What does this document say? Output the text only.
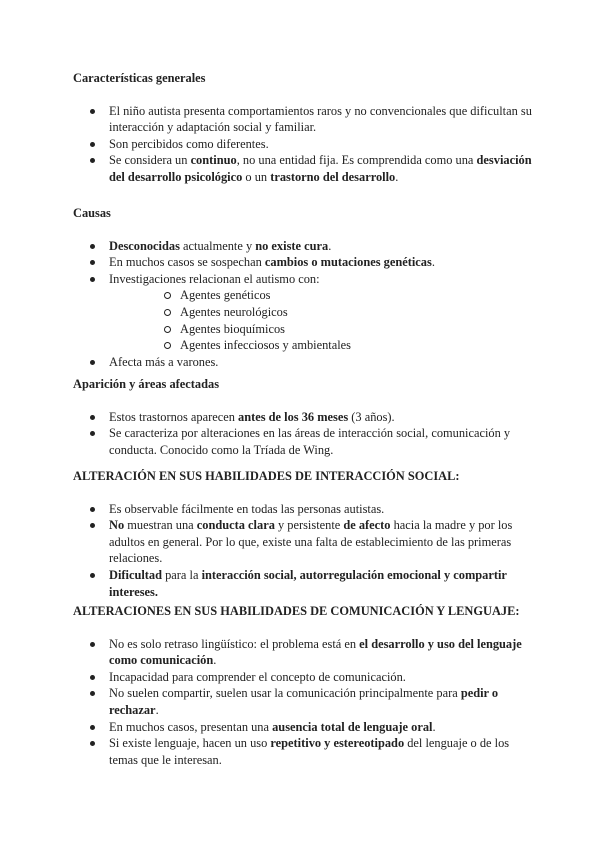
Características generales
El niño autista presenta comportamientos raros y no convencionales que dificultan su interacción y adaptación social y familiar.
Son percibidos como diferentes.
Se considera un continuo, no una entidad fija. Es comprendida como una desviación del desarrollo psicológico o un trastorno del desarrollo.
Causas
Desconocidas actualmente y no existe cura.
En muchos casos se sospechan cambios o mutaciones genéticas.
Investigaciones relacionan el autismo con:
Agentes genéticos
Agentes neurológicos
Agentes bioquímicos
Agentes infecciosos y ambientales
Afecta más a varones.
Aparición y áreas afectadas
Estos trastornos aparecen antes de los 36 meses (3 años).
Se caracteriza por alteraciones en las áreas de interacción social, comunicación y conducta. Conocido como la Tríada de Wing.
ALTERACIÓN EN SUS HABILIDADES DE INTERACCIÓN SOCIAL:
Es observable fácilmente en todas las personas autistas.
No muestran una conducta clara y persistente de afecto hacia la madre y por los adultos en general. Por lo que, existe una falta de establecimiento de las primeras relaciones.
Dificultad para la interacción social, autorregulación emocional y compartir intereses.
ALTERACIONES EN SUS HABILIDADES DE COMUNICACIÓN Y LENGUAJE:
No es solo retraso lingüístico: el problema está en el desarrollo y uso del lenguaje como comunicación.
Incapacidad para comprender el concepto de comunicación.
No suelen compartir, suelen usar la comunicación principalmente para pedir o rechazar.
En muchos casos, presentan una ausencia total de lenguaje oral.
Si existe lenguaje, hacen un uso repetitivo y estereotipado del lenguaje o de los temas que le interesan.
